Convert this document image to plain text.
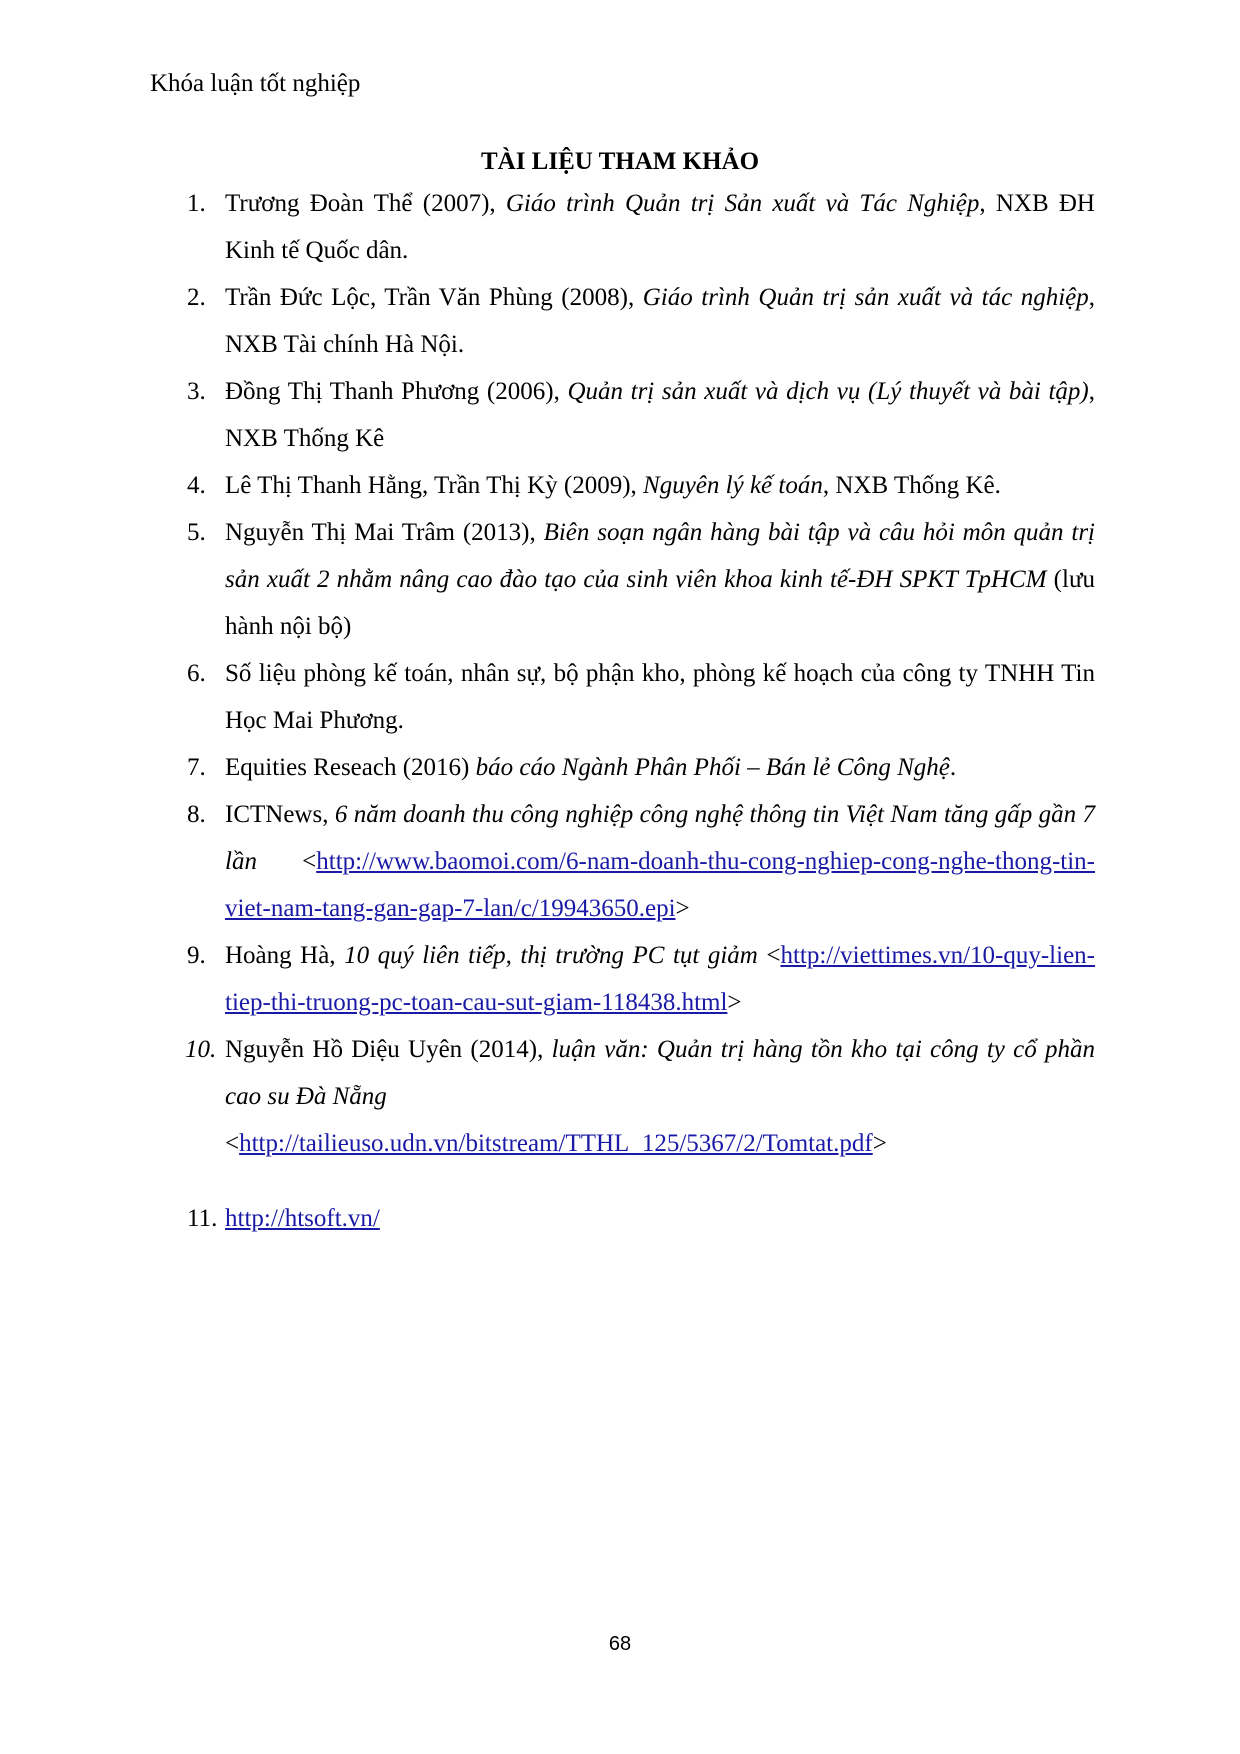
Khóa luận tốt nghiệp
TÀI LIỆU THAM KHẢO

1. Trương Đoàn Thể (2007), Giáo trình Quản trị Sản xuất và Tác Nghiệp, NXB ĐH Kinh tế Quốc dân.

2. Trần Đức Lộc, Trần Văn Phùng (2008), Giáo trình Quản trị sản xuất và tác nghiệp, NXB Tài chính Hà Nội.

3. Đồng Thị Thanh Phương (2006), Quản trị sản xuất và dịch vụ (Lý thuyết và bài tập), NXB Thống Kê

4. Lê Thị Thanh Hằng, Trần Thị Kỳ (2009), Nguyên lý kế toán, NXB Thống Kê.

5. Nguyễn Thị Mai Trâm (2013), Biên soạn ngân hàng bài tập và câu hỏi môn quản trị sản xuất 2 nhằm nâng cao đào tạo của sinh viên khoa kinh tế-ĐH SPKT TpHCM (lưu hành nội bộ)

6. Số liệu phòng kế toán, nhân sự, bộ phận kho, phòng kế hoạch của công ty TNHH Tin Học Mai Phương.

7. Equities Reseach (2016) báo cáo Ngành Phân Phối – Bán lẻ Công Nghệ.

8. ICTNews, 6 năm doanh thu công nghiệp công nghệ thông tin Việt Nam tăng gấp gần 7 lần <http://www.baomoi.com/6-nam-doanh-thu-cong-nghiep-cong-nghe-thong-tin-viet-nam-tang-gan-gap-7-lan/c/19943650.epi>

9. Hoàng Hà, 10 quý liên tiếp, thị trường PC tụt giảm <http://viettimes.vn/10-quy-lien-tiep-thi-truong-pc-toan-cau-sut-giam-118438.html>

10. Nguyễn Hồ Diệu Uyên (2014), luận văn: Quản trị hàng tồn kho tại công ty cổ phần cao su Đà Nẵng
<http://tailieuso.udn.vn/bitstream/TTHL_125/5367/2/Tomtat.pdf>

11. http://htsoft.vn/

68
